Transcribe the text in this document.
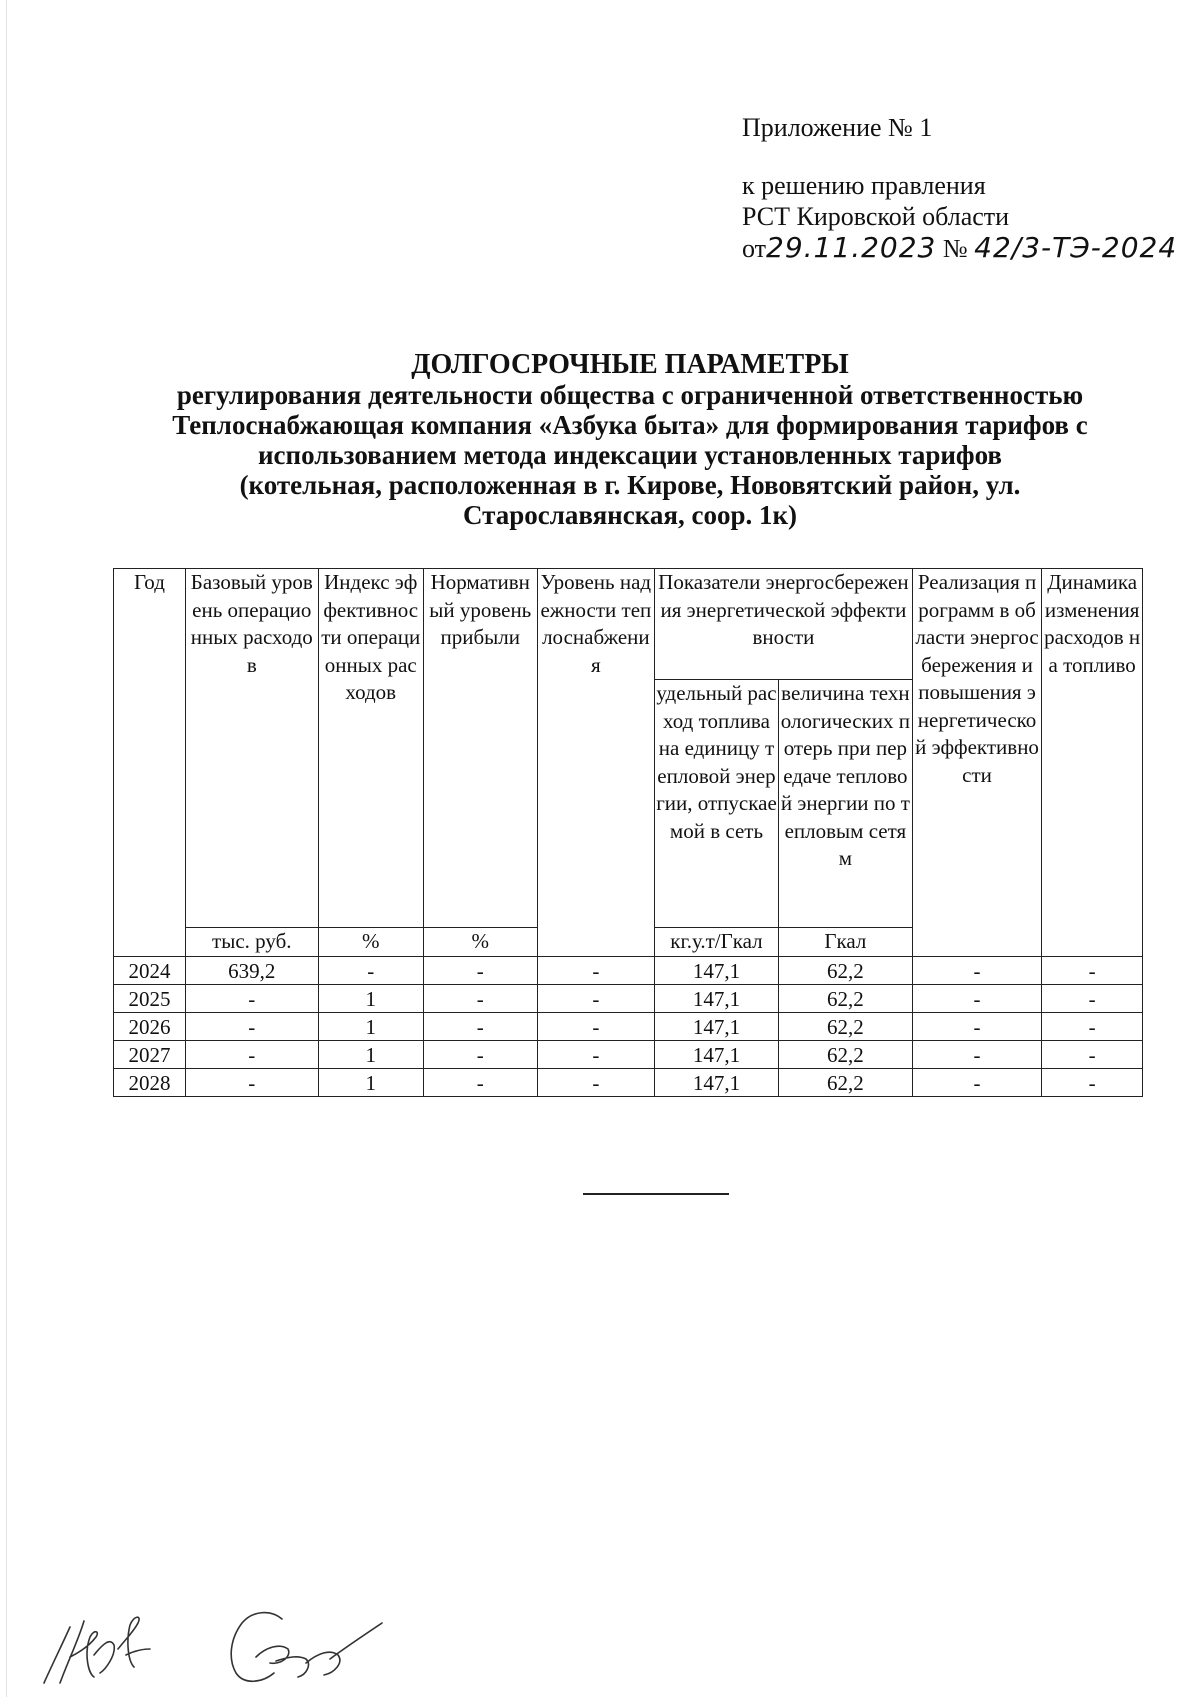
Приложение № 1
к решению правления
РСТ Кировской области
от29.11.2023 № 42/3-ТЭ-2024
ДОЛГОСРОЧНЫЕ ПАРАМЕТРЫ
регулирования деятельности общества с ограниченной ответственностью
Теплоснабжающая компания «Азбука быта» для формирования тарифов с
использованием метода индексации установленных тарифов
(котельная, расположенная в г. Кирове, Нововятский район, ул.
Старославянская, соор. 1к)
Год	Базовый уровень операционных расходов	Индекс эффективности операционных расходов	Нормативный уровень прибыли	Уровень надежности теплоснабжения	Показатели энергосбережения энергетической эффективности		Реализация программ в области энергосбережения и повышения энергетической эффективности	Динамика изменения расходов на топливо
					удельный расход топлива на единицу тепловой энергии, отпускаемой в сеть	величина технологических потерь при передаче тепловой энергии по тепловым сетям		
	тыс. руб.	%	%		кг.у.т/Гкал	Гкал		
2024	639,2	-	-	-	147,1	62,2	-	-
2025	-	1	-	-	147,1	62,2	-	-
2026	-	1	-	-	147,1	62,2	-	-
2027	-	1	-	-	147,1	62,2	-	-
2028	-	1	-	-	147,1	62,2	-	-
